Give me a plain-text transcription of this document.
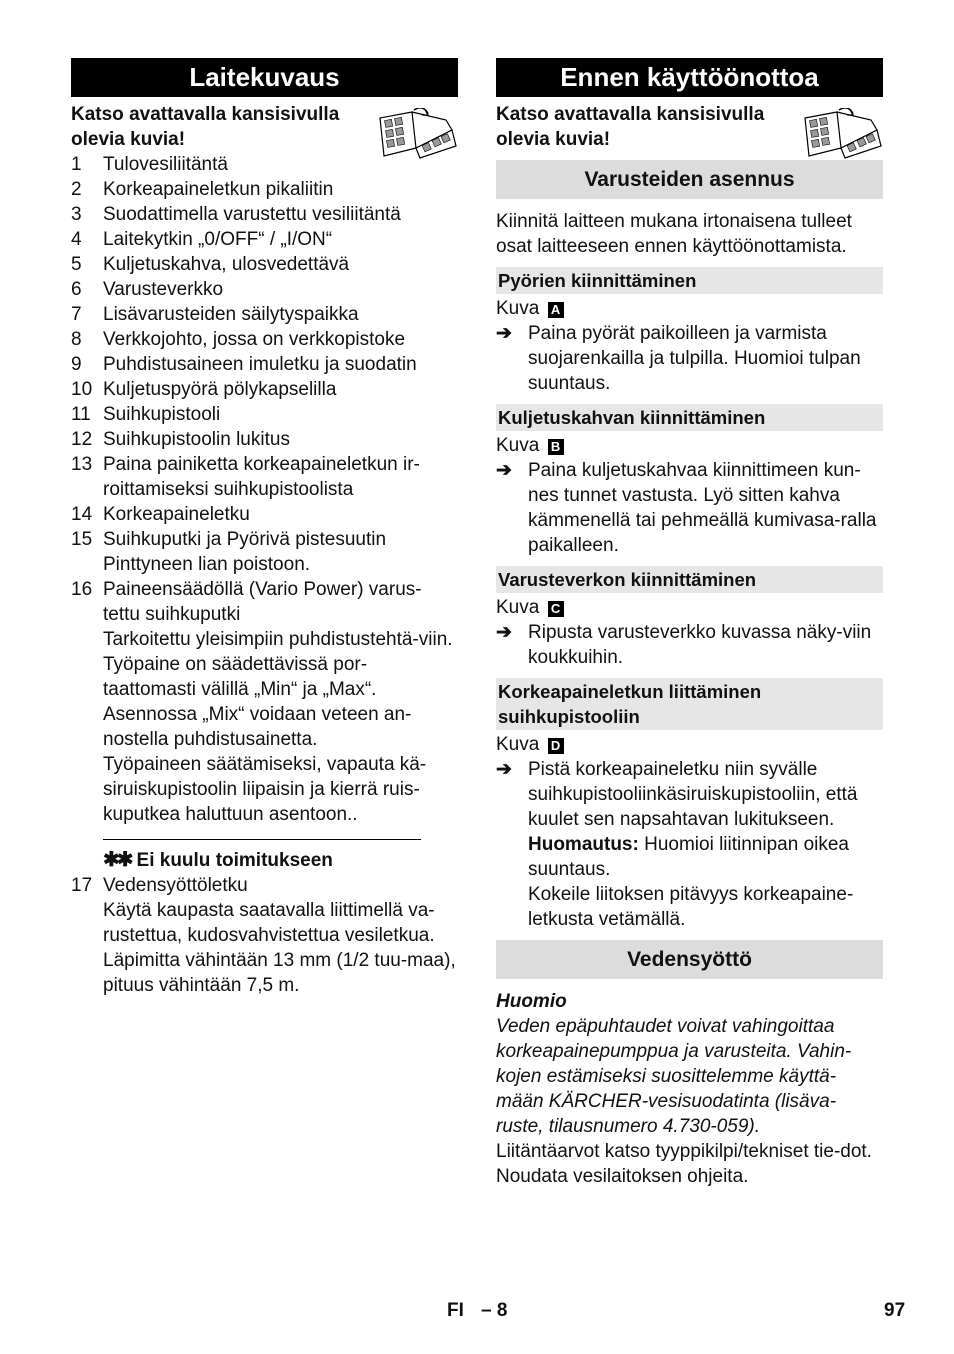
Laitekuvaus
Katso avattavalla kansisivulla olevia kuvia!
1	Tulovesiliitäntä
2	Korkeapaineletkun pikaliitin
3	Suodattimella varustettu vesiliitäntä
4	Laitekytkin „0/OFF“ / „I/ON“
5	Kuljetuskahva, ulosvedettävä
6	Varusteverkko
7	Lisävarusteiden säilytyspaikka
8	Verkkojohto, jossa on verkkopistoke
9	Puhdistusaineen imuletku ja suodatin
10 Kuljetuspyörä pölykapselilla
11 Suihkupistooli
12 Suihkupistoolin lukitus
13 Paina painiketta korkeapaineletkun ir-roittamiseksi suihkupistoolista
14 Korkeapaineletku
15 Suihkuputki ja Pyörivä pistesuutin Pinttyneen lian poistoon.
16 Paineensäädöllä (Vario Power) varus-tettu suihkuputki
Tarkoitettu yleisimpiin puhdistustehtä-viin. Työpaine on säädettävissä por-taattomasti välillä „Min“ ja „Max“. Asennossa „Mix“ voidaan veteen an-nostella puhdistusainetta.
Työpaineen säätämiseksi, vapauta kä-siruiskupistoolin liipaisin ja kierrä ruis-kuputkea haluttuun asentoon..
✱✱ Ei kuulu toimitukseen
17 Vedensyöttöletku
Käytä kaupasta saatavalla liittimellä va-rustettua, kudosvahvistettua vesiletkua. Läpimitta vähintään 13 mm (1/2 tuu-maa), pituus vähintään 7,5 m.
Ennen käyttöönottoa
Katso avattavalla kansisivulla olevia kuvia!
Varusteiden asennus
Kiinnitä laitteen mukana irtonaisena tulleet osat laitteeseen ennen käyttöönottamista.
Pyörien kiinnittäminen
Kuva A
➔ Paina pyörät paikoilleen ja varmista suojarenkailla ja tulpilla. Huomioi tulpan suuntaus.
Kuljetuskahvan kiinnittäminen
Kuva B
➔ Paina kuljetuskahvaa kiinnittimeen kun-nes tunnet vastusta. Lyö sitten kahva kämmenellä tai pehmeällä kumivasa-ralla paikalleen.
Varusteverkon kiinnittäminen
Kuva C
➔ Ripusta varusteverkko kuvassa näky-viin koukkuihin.
Korkeapaineletkun liittäminen suihkupistooliin
Kuva D
➔ Pistä korkeapaineletku niin syvälle suihkupistooliinkäsiruiskupistooliin, että kuulet sen napsahtavan lukitukseen.
Huomautus: Huomioi liitinnipan oikea suuntaus.
Kokeile liitoksen pitävyys korkeapaine-letkusta vetämällä.
Vedensyöttö
Huomio
Veden epäpuhtaudet voivat vahingoittaa korkeapainepumppua ja varusteita. Vahin-kojen estämiseksi suosittelemme käyttä-mään KÄRCHER-vesisuodatinta (lisäva-ruste, tilausnumero 4.730-059).
Liitäntäarvot katso tyyppikilpi/tekniset tie-dot.
Noudata vesilaitoksen ohjeita.
FI – 8	97
